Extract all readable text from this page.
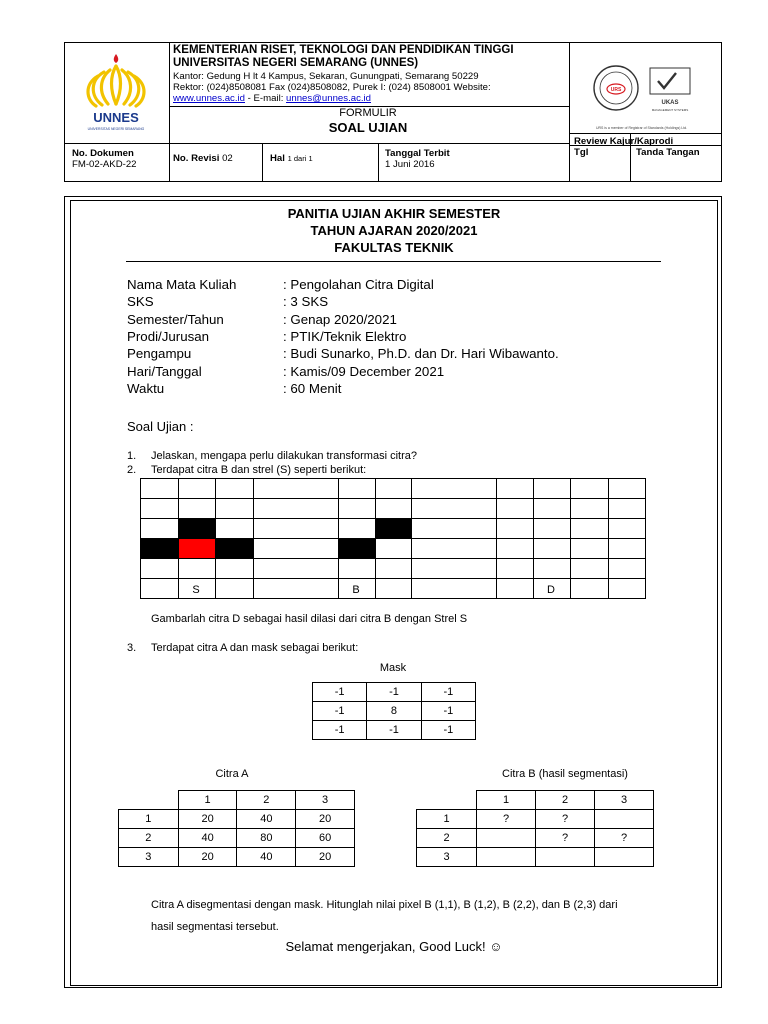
UNNES
UNIVERSITAS NEGERI SEMARANG
KEMENTERIAN RISET, TEKNOLOGI DAN PENDIDIKAN TINGGI
UNIVERSITAS NEGERI SEMARANG (UNNES)
Kantor: Gedung H lt 4 Kampus, Sekaran, Gunungpati, Semarang 50229
Rektor: (024)8508081 Fax (024)8508082, Purek I: (024) 8508001 Website:
www.unnes.ac.id - E-mail: unnes@unnes.ac.id
FORMULIR
SOAL UJIAN
URS
UKAS
MANAGEMENT SYSTEMS
URS is a member of Registrar of Standards (Holdings) Ltd.
No. Dokumen
FM-02-AKD-22
No. Revisi 02	Hal 1 dari 1	Tanggal Terbit
1 Juni 2016
Review Kajur/Kaprodi
Tgl	Tanda Tangan
PANITIA UJIAN AKHIR SEMESTER
TAHUN AJARAN 2020/2021
FAKULTAS TEKNIK
Nama Mata Kuliah	: Pengolahan Citra Digital
SKS	: 3 SKS
Semester/Tahun	: Genap 2020/2021
Prodi/Jurusan	: PTIK/Teknik Elektro
Pengampu	: Budi Sunarko, Ph.D. dan Dr. Hari Wibawanto.
Hari/Tanggal	: Kamis/09 December 2021
Waktu	: 60 Menit
Soal Ujian :
1. Jelaskan, mengapa perlu dilakukan transformasi citra?
2. Terdapat citra B dan strel (S) seperti berikut:
S	B	D
Gambarlah citra D sebagai hasil dilasi dari citra B dengan Strel S
3. Terdapat citra A dan mask sebagai berikut:
Mask
-1	-1	-1
-1	8	-1
-1	-1	-1
Citra A
	1	2	3
1	20	40	20
2	40	80	60
3	20	40	20
Citra B (hasil segmentasi)
	1	2	3
1	?	?	
2		?	?
3			
Citra A disegmentasi dengan mask. Hitunglah nilai pixel B (1,1), B (1,2), B (2,2), dan B (2,3) dari
hasil segmentasi tersebut.
Selamat mengerjakan, Good Luck! ☺
